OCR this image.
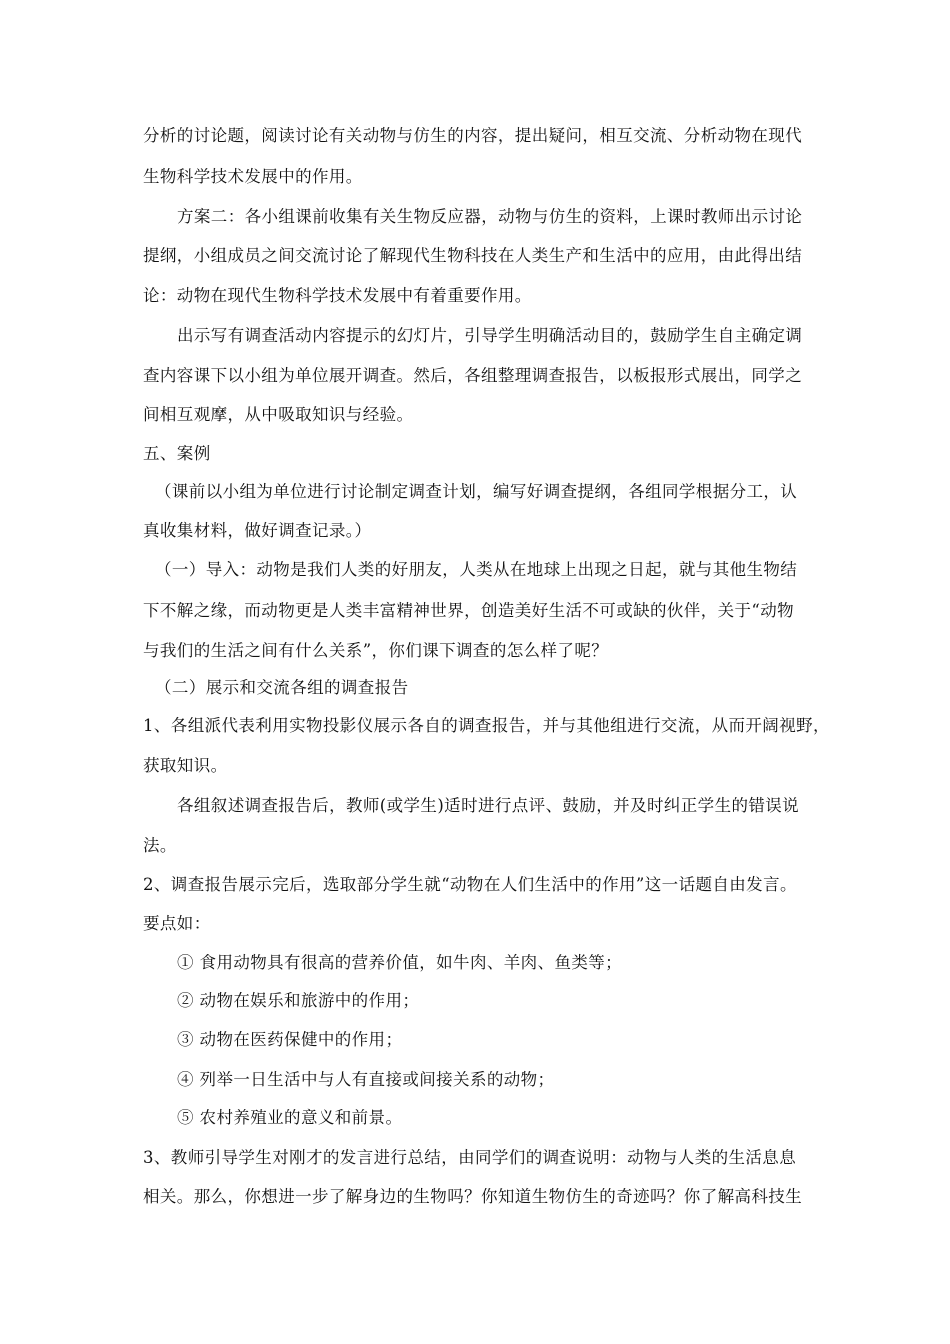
分析的讨论题，阅读讨论有关动物与仿生的内容，提出疑问，相互交流、分析动物在现代
生物科学技术发展中的作用。
方案二：各小组课前收集有关生物反应器，动物与仿生的资料，上课时教师出示讨论
提纲，小组成员之间交流讨论了解现代生物科技在人类生产和生活中的应用，由此得出结
论：动物在现代生物科学技术发展中有着重要作用。
出示写有调查活动内容提示的幻灯片，引导学生明确活动目的，鼓励学生自主确定调
查内容课下以小组为单位展开调查。然后，各组整理调查报告，以板报形式展出，同学之
间相互观摩，从中吸取知识与经验。
五、案例
（课前以小组为单位进行讨论制定调查计划，编写好调查提纲，各组同学根据分工，认
真收集材料，做好调查记录。）
（一）导入：动物是我们人类的好朋友，人类从在地球上出现之日起，就与其他生物结
下不解之缘，而动物更是人类丰富精神世界，创造美好生活不可或缺的伙伴，关于“动物
与我们的生活之间有什么关系”，你们课下调查的怎么样了呢？
（二）展示和交流各组的调查报告
1、各组派代表利用实物投影仪展示各自的调查报告，并与其他组进行交流，从而开阔视野，
获取知识。
各组叙述调查报告后，教师(或学生)适时进行点评、鼓励，并及时纠正学生的错误说
法。
2、调查报告展示完后，选取部分学生就“动物在人们生活中的作用”这一话题自由发言。
要点如：
① 食用动物具有很高的营养价值，如牛肉、羊肉、鱼类等；
② 动物在娱乐和旅游中的作用；
③ 动物在医药保健中的作用；
④ 列举一日生活中与人有直接或间接关系的动物；
⑤ 农村养殖业的意义和前景。
3、教师引导学生对刚才的发言进行总结，由同学们的调查说明：动物与人类的生活息息
相关。那么，你想进一步了解身边的生物吗？你知道生物仿生的奇迹吗？你了解高科技生
